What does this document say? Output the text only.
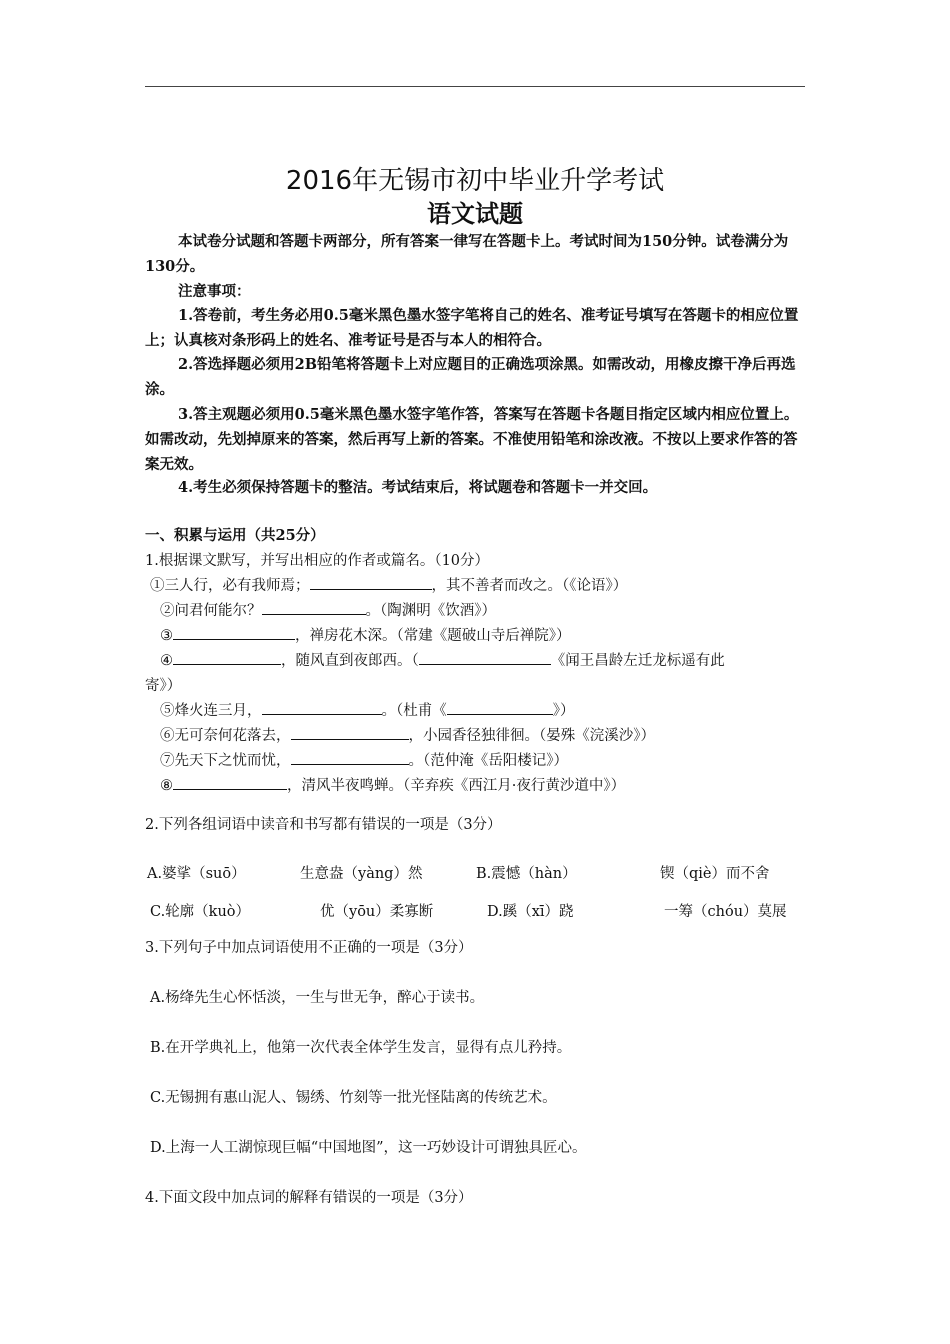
2016年无锡市初中毕业升学考试
语文试题
本试卷分试题和答题卡两部分，所有答案一律写在答题卡上。考试时间为150分钟。试卷满分为130分。
注意事项：
1.答卷前，考生务必用0.5毫米黑色墨水签字笔将自己的姓名、准考证号填写在答题卡的相应位置上；认真核对条形码上的姓名、准考证号是否与本人的相符合。
2.答选择题必须用2B铅笔将答题卡上对应题目的正确选项涂黑。如需改动，用橡皮擦干净后再选涂。
3.答主观题必须用0.5毫米黑色墨水签字笔作答，答案写在答题卡各题目指定区域内相应位置上。如需改动，先划掉原来的答案，然后再写上新的答案。不准使用铅笔和涂改液。不按以上要求作答的答案无效。
4.考生必须保持答题卡的整洁。考试结束后，将试题卷和答题卡一并交回。
一、积累与运用（共25分）
1.根据课文默写，并写出相应的作者或篇名。（10分）
①三人行，必有我师焉；	，其不善者而改之。（《论语》）
②问君何能尔？	。（陶渊明《饮酒》）
③	，禅房花木深。（常建《题破山寺后禅院》）
④	，随风直到夜郎西。（	《闻王昌龄左迁龙标遥有此
寄》）
⑤烽火连三月，	。（杜甫《	》）
⑥无可奈何花落去，	，小园香径独徘徊。（晏殊《浣溪沙》）
⑦先天下之忧而忧，	。（范仲淹《岳阳楼记》）
⑧	，清风半夜鸣蝉。（辛弃疾《西江月·夜行黄沙道中》）
2.下列各组词语中读音和书写都有错误的一项是（3分）
A.婆挲（suō）	生意盎（yàng）然	B.震憾（hàn）	锲（qiè）而不舍
C.轮廓（kuò）	优（yōu）柔寡断	D.蹊（xī）跷	一筹（chóu）莫展
3.下列句子中加点词语使用不正确的一项是（3分）
A.杨绛先生心怀恬淡，一生与世无争，醉心于读书。
B.在开学典礼上，他第一次代表全体学生发言，显得有点儿矜持。
C.无锡拥有惠山泥人、锡绣、竹刻等一批光怪陆离的传统艺术。
D.上海一人工湖惊现巨幅“中国地图”，这一巧妙设计可谓独具匠心。
4.下面文段中加点词的解释有错误的一项是（3分）
